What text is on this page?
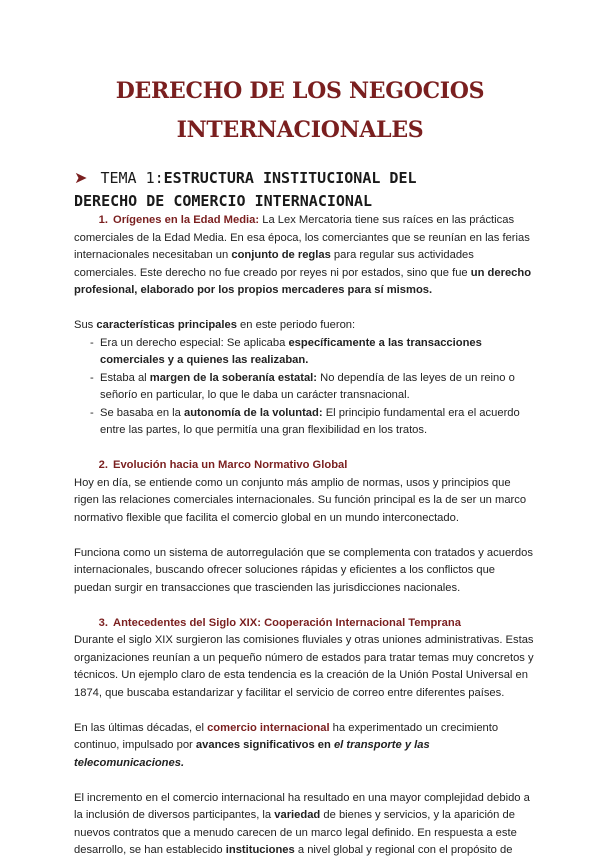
DERECHO DE LOS NEGOCIOS
INTERNACIONALES
➤ TEMA 1:ESTRUCTURA INSTITUCIONAL DEL
DERECHO DE COMERCIO INTERNACIONAL

1. Orígenes en la Edad Media: La Lex Mercatoria tiene sus raíces en las prácticas comerciales de la Edad Media. En esa época, los comerciantes que se reunían en las ferias internacionales necesitaban un conjunto de reglas para regular sus actividades comerciales. Este derecho no fue creado por reyes ni por estados, sino que fue un derecho profesional, elaborado por los propios mercaderes para sí mismos.

Sus características principales en este periodo fueron:

- Era un derecho especial: Se aplicaba específicamente a las transacciones comerciales y a quienes las realizaban.
- Estaba al margen de la soberanía estatal: No dependía de las leyes de un reino o señorío en particular, lo que le daba un carácter transnacional.
- Se basaba en la autonomía de la voluntad: El principio fundamental era el acuerdo entre las partes, lo que permitía una gran flexibilidad en los tratos.

2. Evolución hacia un Marco Normativo Global

Hoy en día, se entiende como un conjunto más amplio de normas, usos y principios que rigen las relaciones comerciales internacionales. Su función principal es la de ser un marco normativo flexible que facilita el comercio global en un mundo interconectado.

Funciona como un sistema de autorregulación que se complementa con tratados y acuerdos internacionales, buscando ofrecer soluciones rápidas y eficientes a los conflictos que puedan surgir en transacciones que trascienden las jurisdicciones nacionales.

3. Antecedentes del Siglo XIX: Cooperación Internacional Temprana

Durante el siglo XIX surgieron las comisiones fluviales y otras uniones administrativas. Estas organizaciones reunían a un pequeño número de estados para tratar temas muy concretos y técnicos. Un ejemplo claro de esta tendencia es la creación de la Unión Postal Universal en 1874, que buscaba estandarizar y facilitar el servicio de correo entre diferentes países.

En las últimas décadas, el comercio internacional ha experimentado un crecimiento continuo, impulsado por avances significativos en el transporte y las telecomunicaciones.

El incremento en el comercio internacional ha resultado en una mayor complejidad debido a la inclusión de diversos participantes, la variedad de bienes y servicios, y la aparición de nuevos contratos que a menudo carecen de un marco legal definido. En respuesta a este desarrollo, se han establecido instituciones a nivel global y regional con el propósito de
